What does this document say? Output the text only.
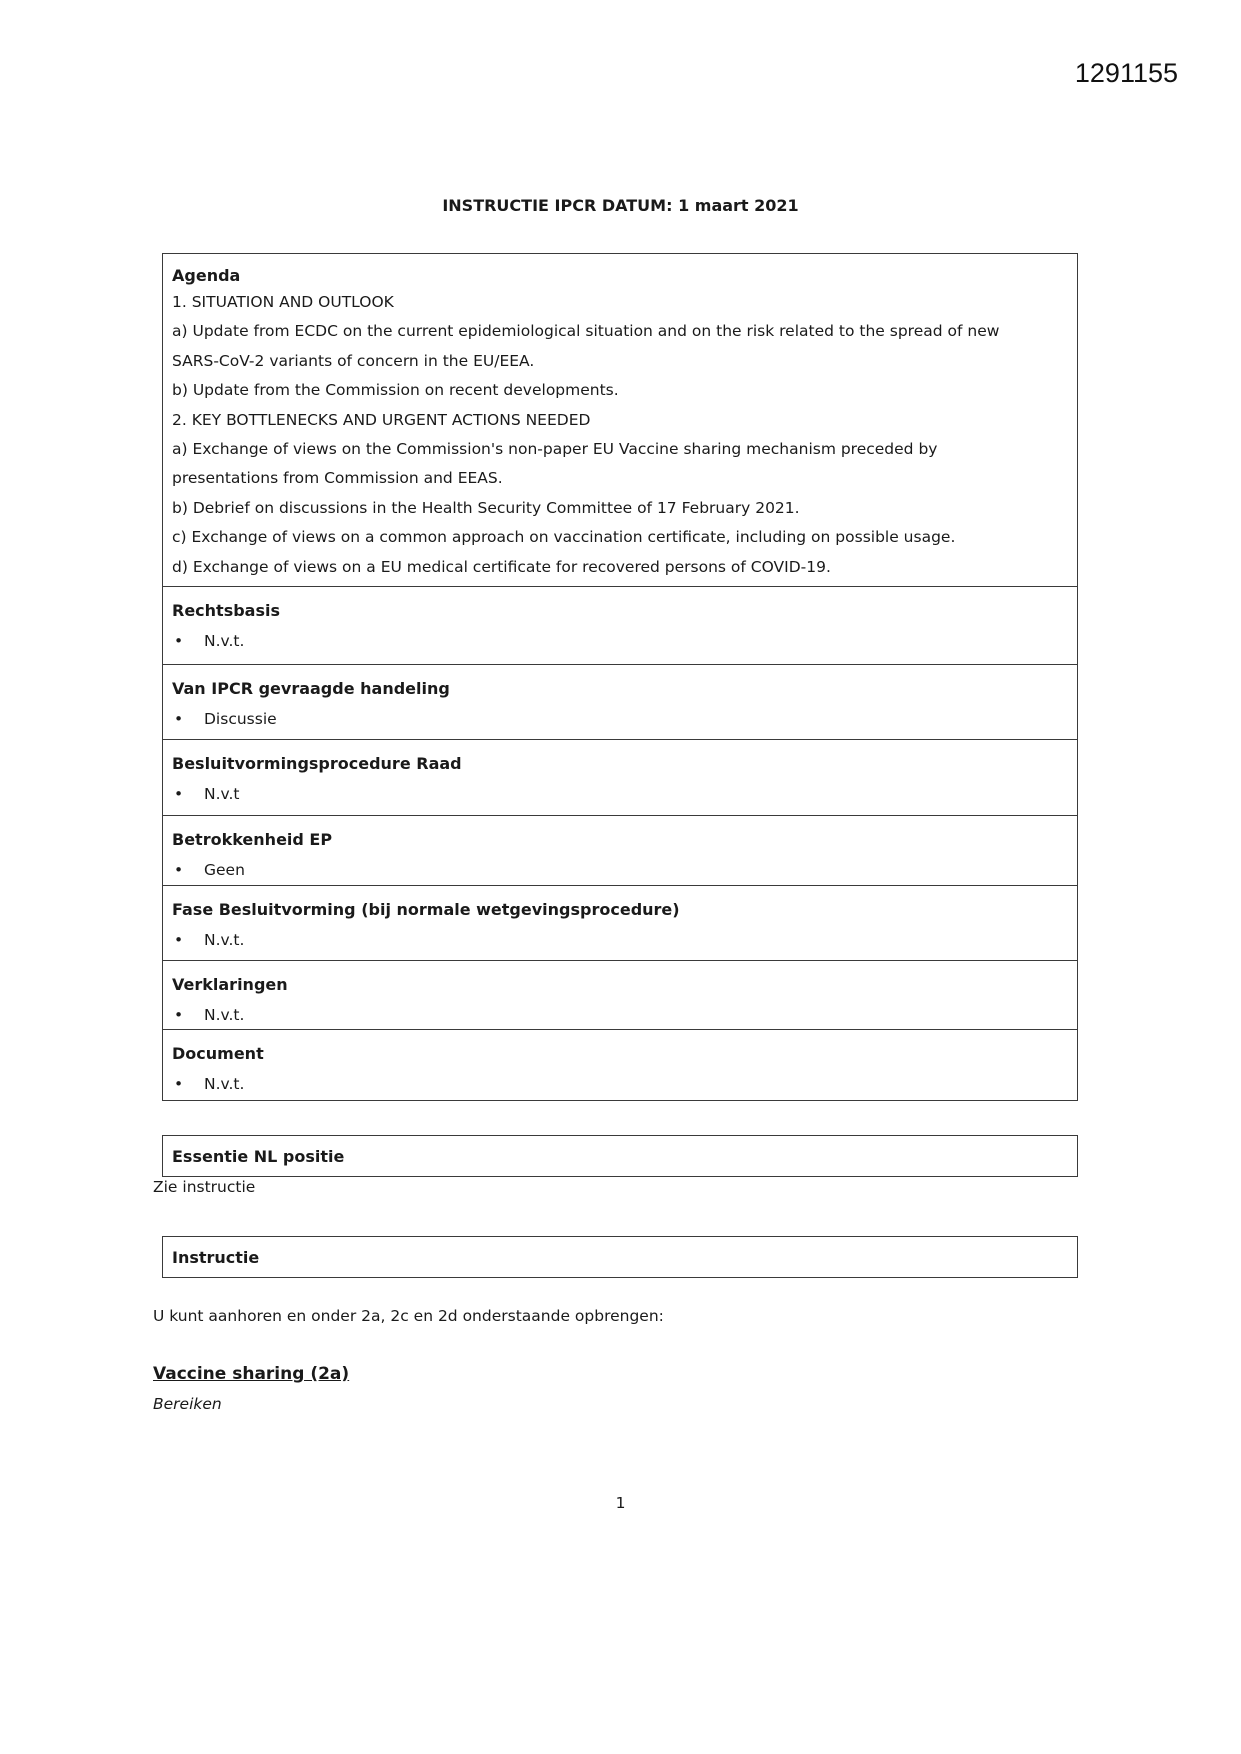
1291155
INSTRUCTIE IPCR DATUM: 1 maart 2021
Agenda
1. SITUATION AND OUTLOOK
a) Update from ECDC on the current epidemiological situation and on the risk related to the spread of new
SARS-CoV-2 variants of concern in the EU/EEA.
b) Update from the Commission on recent developments.
2. KEY BOTTLENECKS AND URGENT ACTIONS NEEDED
a) Exchange of views on the Commission's non-paper EU Vaccine sharing mechanism preceded by
presentations from Commission and EEAS.
b) Debrief on discussions in the Health Security Committee of 17 February 2021.
c) Exchange of views on a common approach on vaccination certificate, including on possible usage.
d) Exchange of views on a EU medical certificate for recovered persons of COVID-19.
Rechtsbasis
•	N.v.t.
Van IPCR gevraagde handeling
•	Discussie
Besluitvormingsprocedure Raad
•	N.v.t
Betrokkenheid EP
•	Geen
Fase Besluitvorming (bij normale wetgevingsprocedure)
•	N.v.t.
Verklaringen
•	N.v.t.
Document
•	N.v.t.
Essentie NL positie
Zie instructie
Instructie
U kunt aanhoren en onder 2a, 2c en 2d onderstaande opbrengen:
Vaccine sharing (2a)
Bereiken
1
